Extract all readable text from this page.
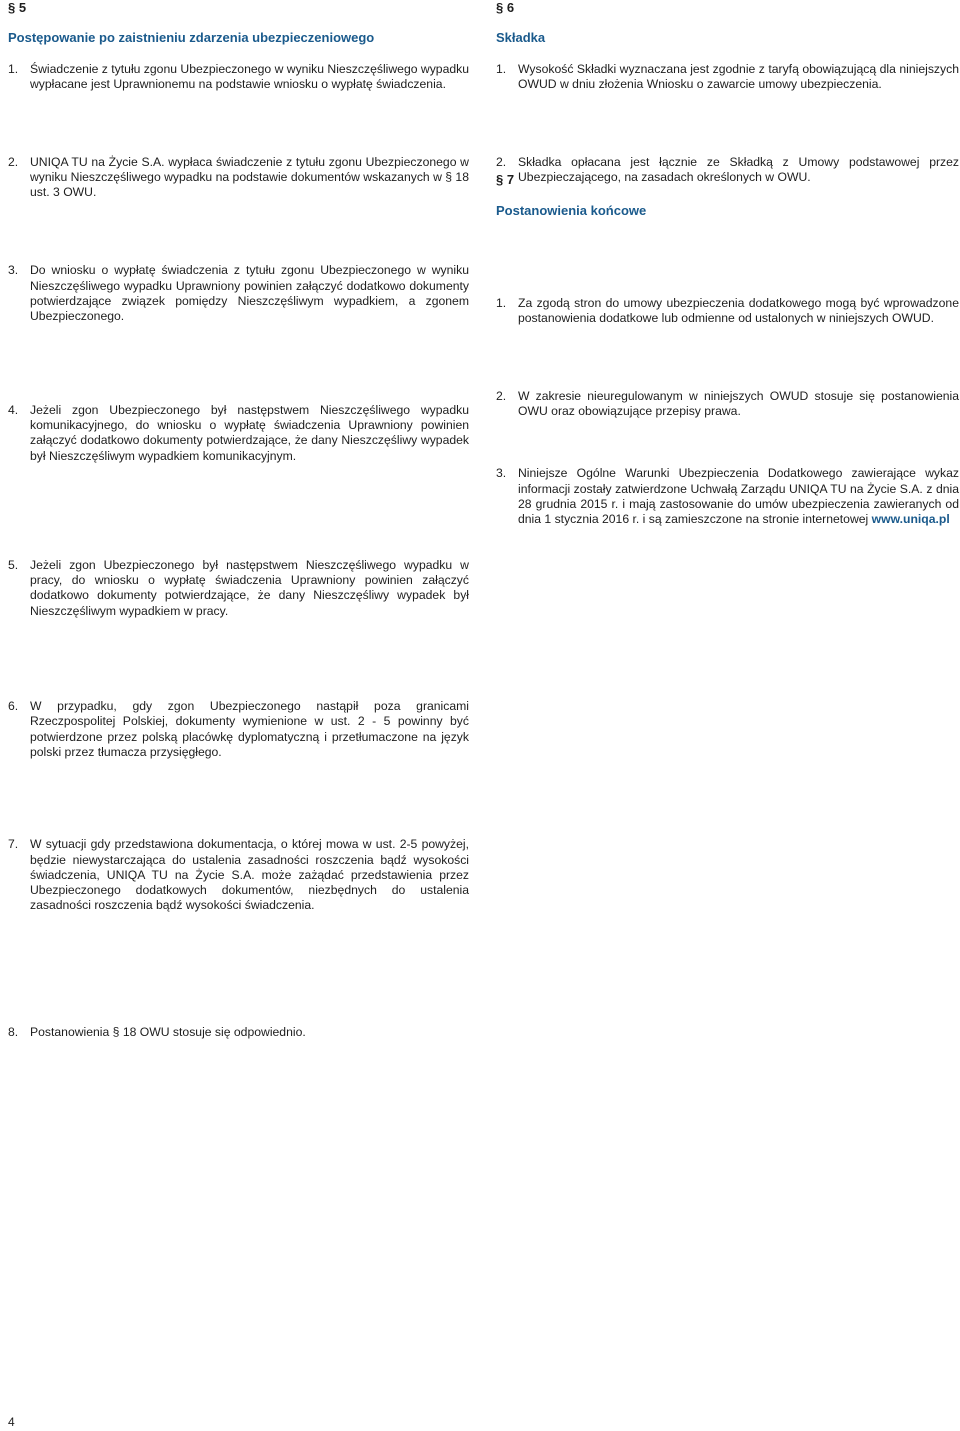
§ 5
Postępowanie po zaistnieniu zdarzenia ubezpieczeniowego
1. Świadczenie z tytułu zgonu Ubezpieczonego w wyniku Nieszczęśliwego wypadku wypłacane jest Uprawnionemu na podstawie wniosku o wypłatę świadczenia.
2. UNIQA TU na Życie S.A. wypłaca świadczenie z tytułu zgonu Ubezpieczonego w wyniku Nieszczęśliwego wypadku na podstawie dokumentów wskazanych w § 18 ust. 3 OWU.
3. Do wniosku o wypłatę świadczenia z tytułu zgonu Ubezpieczonego w wyniku Nieszczęśliwego wypadku Uprawniony powinien załączyć dodatkowo dokumenty potwierdzające związek pomiędzy Nieszczęśliwym wypadkiem, a zgonem Ubezpieczonego.
4. Jeżeli zgon Ubezpieczonego był następstwem Nieszczęśliwego wypadku komunikacyjnego, do wniosku o wypłatę świadczenia Uprawniony powinien załączyć dodatkowo dokumenty potwierdzające, że dany Nieszczęśliwy wypadek był Nieszczęśliwym wypadkiem komunikacyjnym.
5. Jeżeli zgon Ubezpieczonego był następstwem Nieszczęśliwego wypadku w pracy, do wniosku o wypłatę świadczenia Uprawniony powinien załączyć dodatkowo dokumenty potwierdzające, że dany Nieszczęśliwy wypadek był Nieszczęśliwym wypadkiem w pracy.
6. W przypadku, gdy zgon Ubezpieczonego nastąpił poza granicami Rzeczpospolitej Polskiej, dokumenty wymienione w ust. 2 - 5 powinny być potwierdzone przez polską placówkę dyplomatyczną i przetłumaczone na język polski przez tłumacza przysięgłego.
7. W sytuacji gdy przedstawiona dokumentacja, o której mowa w ust. 2-5 powyżej, będzie niewystarczająca do ustalenia zasadności roszczenia bądź wysokości świadczenia, UNIQA TU na Życie S.A. może zażądać przedstawienia przez Ubezpieczonego dodatkowych dokumentów, niezbędnych do ustalenia zasadności roszczenia bądź wysokości świadczenia.
8. Postanowienia § 18 OWU stosuje się odpowiednio.
§ 6
Składka
1. Wysokość Składki wyznaczana jest zgodnie z taryfą obowiązującą dla niniejszych OWUD w dniu złożenia Wniosku o zawarcie umowy ubezpieczenia.
2. Składka opłacana jest łącznie ze Składką z Umowy podstawowej przez Ubezpieczającego, na zasadach określonych w OWU.
§ 7
Postanowienia końcowe
1. Za zgodą stron do umowy ubezpieczenia dodatkowego mogą być wprowadzone postanowienia dodatkowe lub odmienne od ustalonych w niniejszych OWUD.
2. W zakresie nieuregulowanym w niniejszych OWUD stosuje się postanowienia OWU oraz obowiązujące przepisy prawa.
3. Niniejsze Ogólne Warunki Ubezpieczenia Dodatkowego zawierające wykaz informacji zostały zatwierdzone Uchwałą Zarządu UNIQA TU na Życie S.A. z dnia 28 grudnia 2015 r. i mają zastosowanie do umów ubezpieczenia zawieranych od dnia 1 stycznia 2016 r. i są zamieszczone na stronie internetowej www.uniqa.pl
4
